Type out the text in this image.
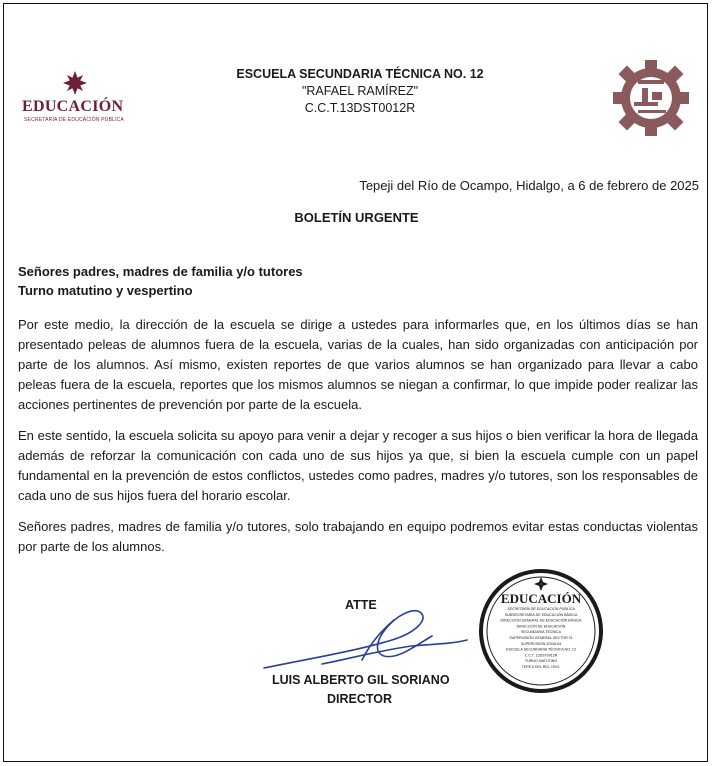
EDUCACIÓN
SECRETARÍA DE EDUCACIÓN PÚBLICA
ESCUELA SECUNDARIA TÉCNICA NO. 12
"RAFAEL RAMÍREZ"
C.C.T.13DST0012R
Tepeji del Río de Ocampo, Hidalgo, a 6 de febrero de 2025
BOLETÍN URGENTE
Señores padres, madres de familia y/o tutores
Turno matutino y vespertino

Por este medio, la dirección de la escuela se dirige a ustedes para informarles que, en los últimos días se han presentado peleas de alumnos fuera de la escuela, varias de la cuales, han sido organizadas con anticipación por parte de los alumnos. Así mismo, existen reportes de que varios alumnos se han organizado para llevar a cabo peleas fuera de la escuela, reportes que los mismos alumnos se niegan a confirmar, lo que impide poder realizar las acciones pertinentes de prevención por parte de la escuela.

En este sentido, la escuela solicita su apoyo para venir a dejar y recoger a sus hijos o bien verificar la hora de llegada además de reforzar la comunicación con cada uno de sus hijos ya que, si bien la escuela cumple con un papel fundamental en la prevención de estos conflictos, ustedes como padres, madres y/o tutores, son los responsables de cada uno de sus hijos fuera del horario escolar.

Señores padres, madres de familia y/o tutores, solo trabajando en equipo podremos evitar estas conductas violentas por parte de los alumnos.

ATTE
LUIS ALBERTO GIL SORIANO
DIRECTOR
EDUCACIÓN
SECRETARÍA DE EDUCACIÓN PÚBLICA
SUBSECRETARÍA DE EDUCACIÓN BÁSICA
DIRECCIÓN GENERAL DE EDUCACIÓN BÁSICA
DIRECCIÓN DE EDUCACIÓN
SECUNDARIA TÉCNICA
SUPERVISIÓN GENERAL SECTOR 01
SUPERVISIÓN ZONA 04
ESCUELA SECUNDARIA TÉCNICA NO. 12
C.C.T. 13DST0012R
TURNO MATUTINO
TEPEJI DEL RÍO, HGO.
